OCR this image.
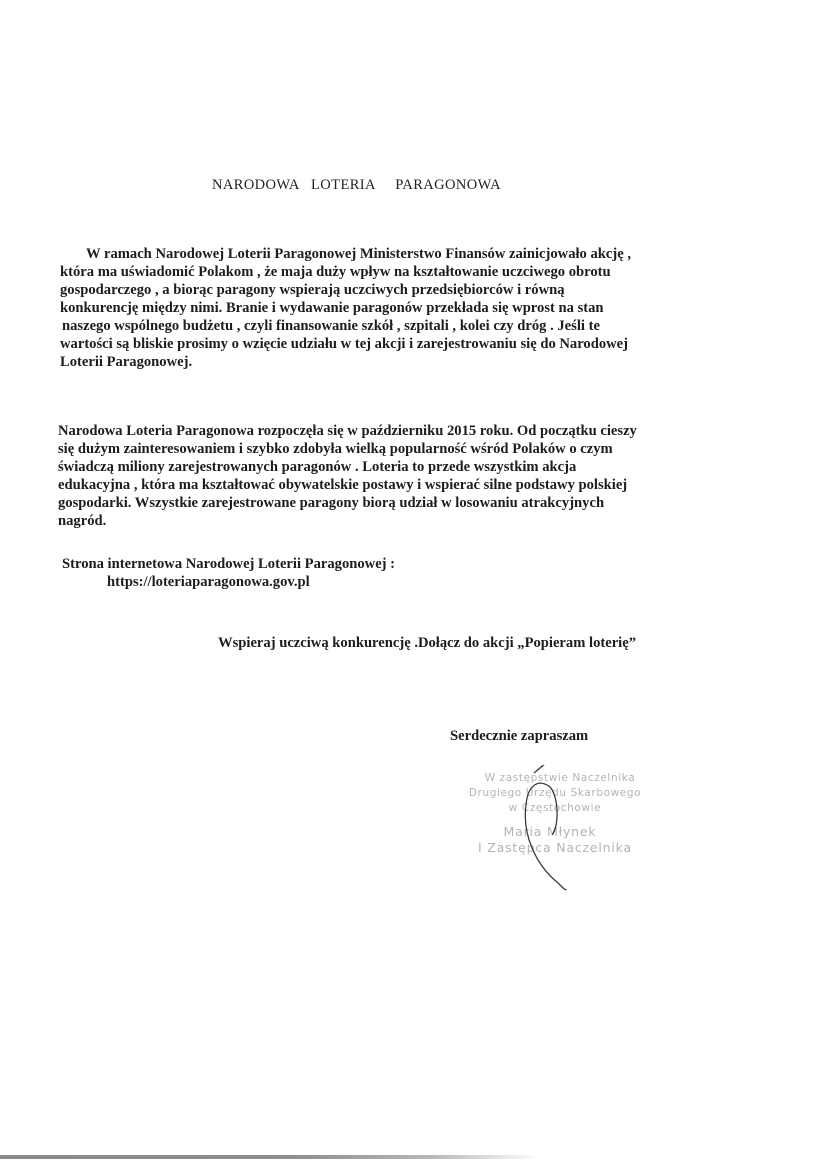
NARODOWA   LOTERIA     PARAGONOWA
W ramach Narodowej Loterii Paragonowej Ministerstwo Finansów zainicjowało akcję ,
która ma uświadomić Polakom , że maja duży wpływ na kształtowanie uczciwego obrotu
gospodarczego , a biorąc paragony wspierają uczciwych przedsiębiorców i równą
konkurencję między nimi. Branie i wydawanie paragonów przekłada się wprost na stan
naszego wspólnego budżetu , czyli finansowanie szkół , szpitali , kolei czy dróg . Jeśli te
wartości są bliskie prosimy o wzięcie udziału w tej akcji i zarejestrowaniu się do Narodowej
Loterii Paragonowej.
Narodowa Loteria Paragonowa rozpoczęła się w październiku 2015 roku. Od początku cieszy
się dużym zainteresowaniem i szybko zdobyła wielką popularność wśród Polaków o czym
świadczą miliony zarejestrowanych paragonów . Loteria to przede wszystkim akcja
edukacyjna , która ma kształtować obywatelskie postawy i wspierać silne podstawy polskiej
gospodarki. Wszystkie zarejestrowane paragony biorą udział w losowaniu atrakcyjnych
nagród.
Strona internetowa Narodowej Loterii Paragonowej :
https://loteriaparagonowa.gov.pl
Wspieraj uczciwą konkurencję .Dołącz do akcji „Popieram loterię”
Serdecznie zapraszam
W zastępstwie Naczelnika
Drugiego Urzędu Skarbowego
w Częstochowie
Maria Młynek
I Zastępca Naczelnika
